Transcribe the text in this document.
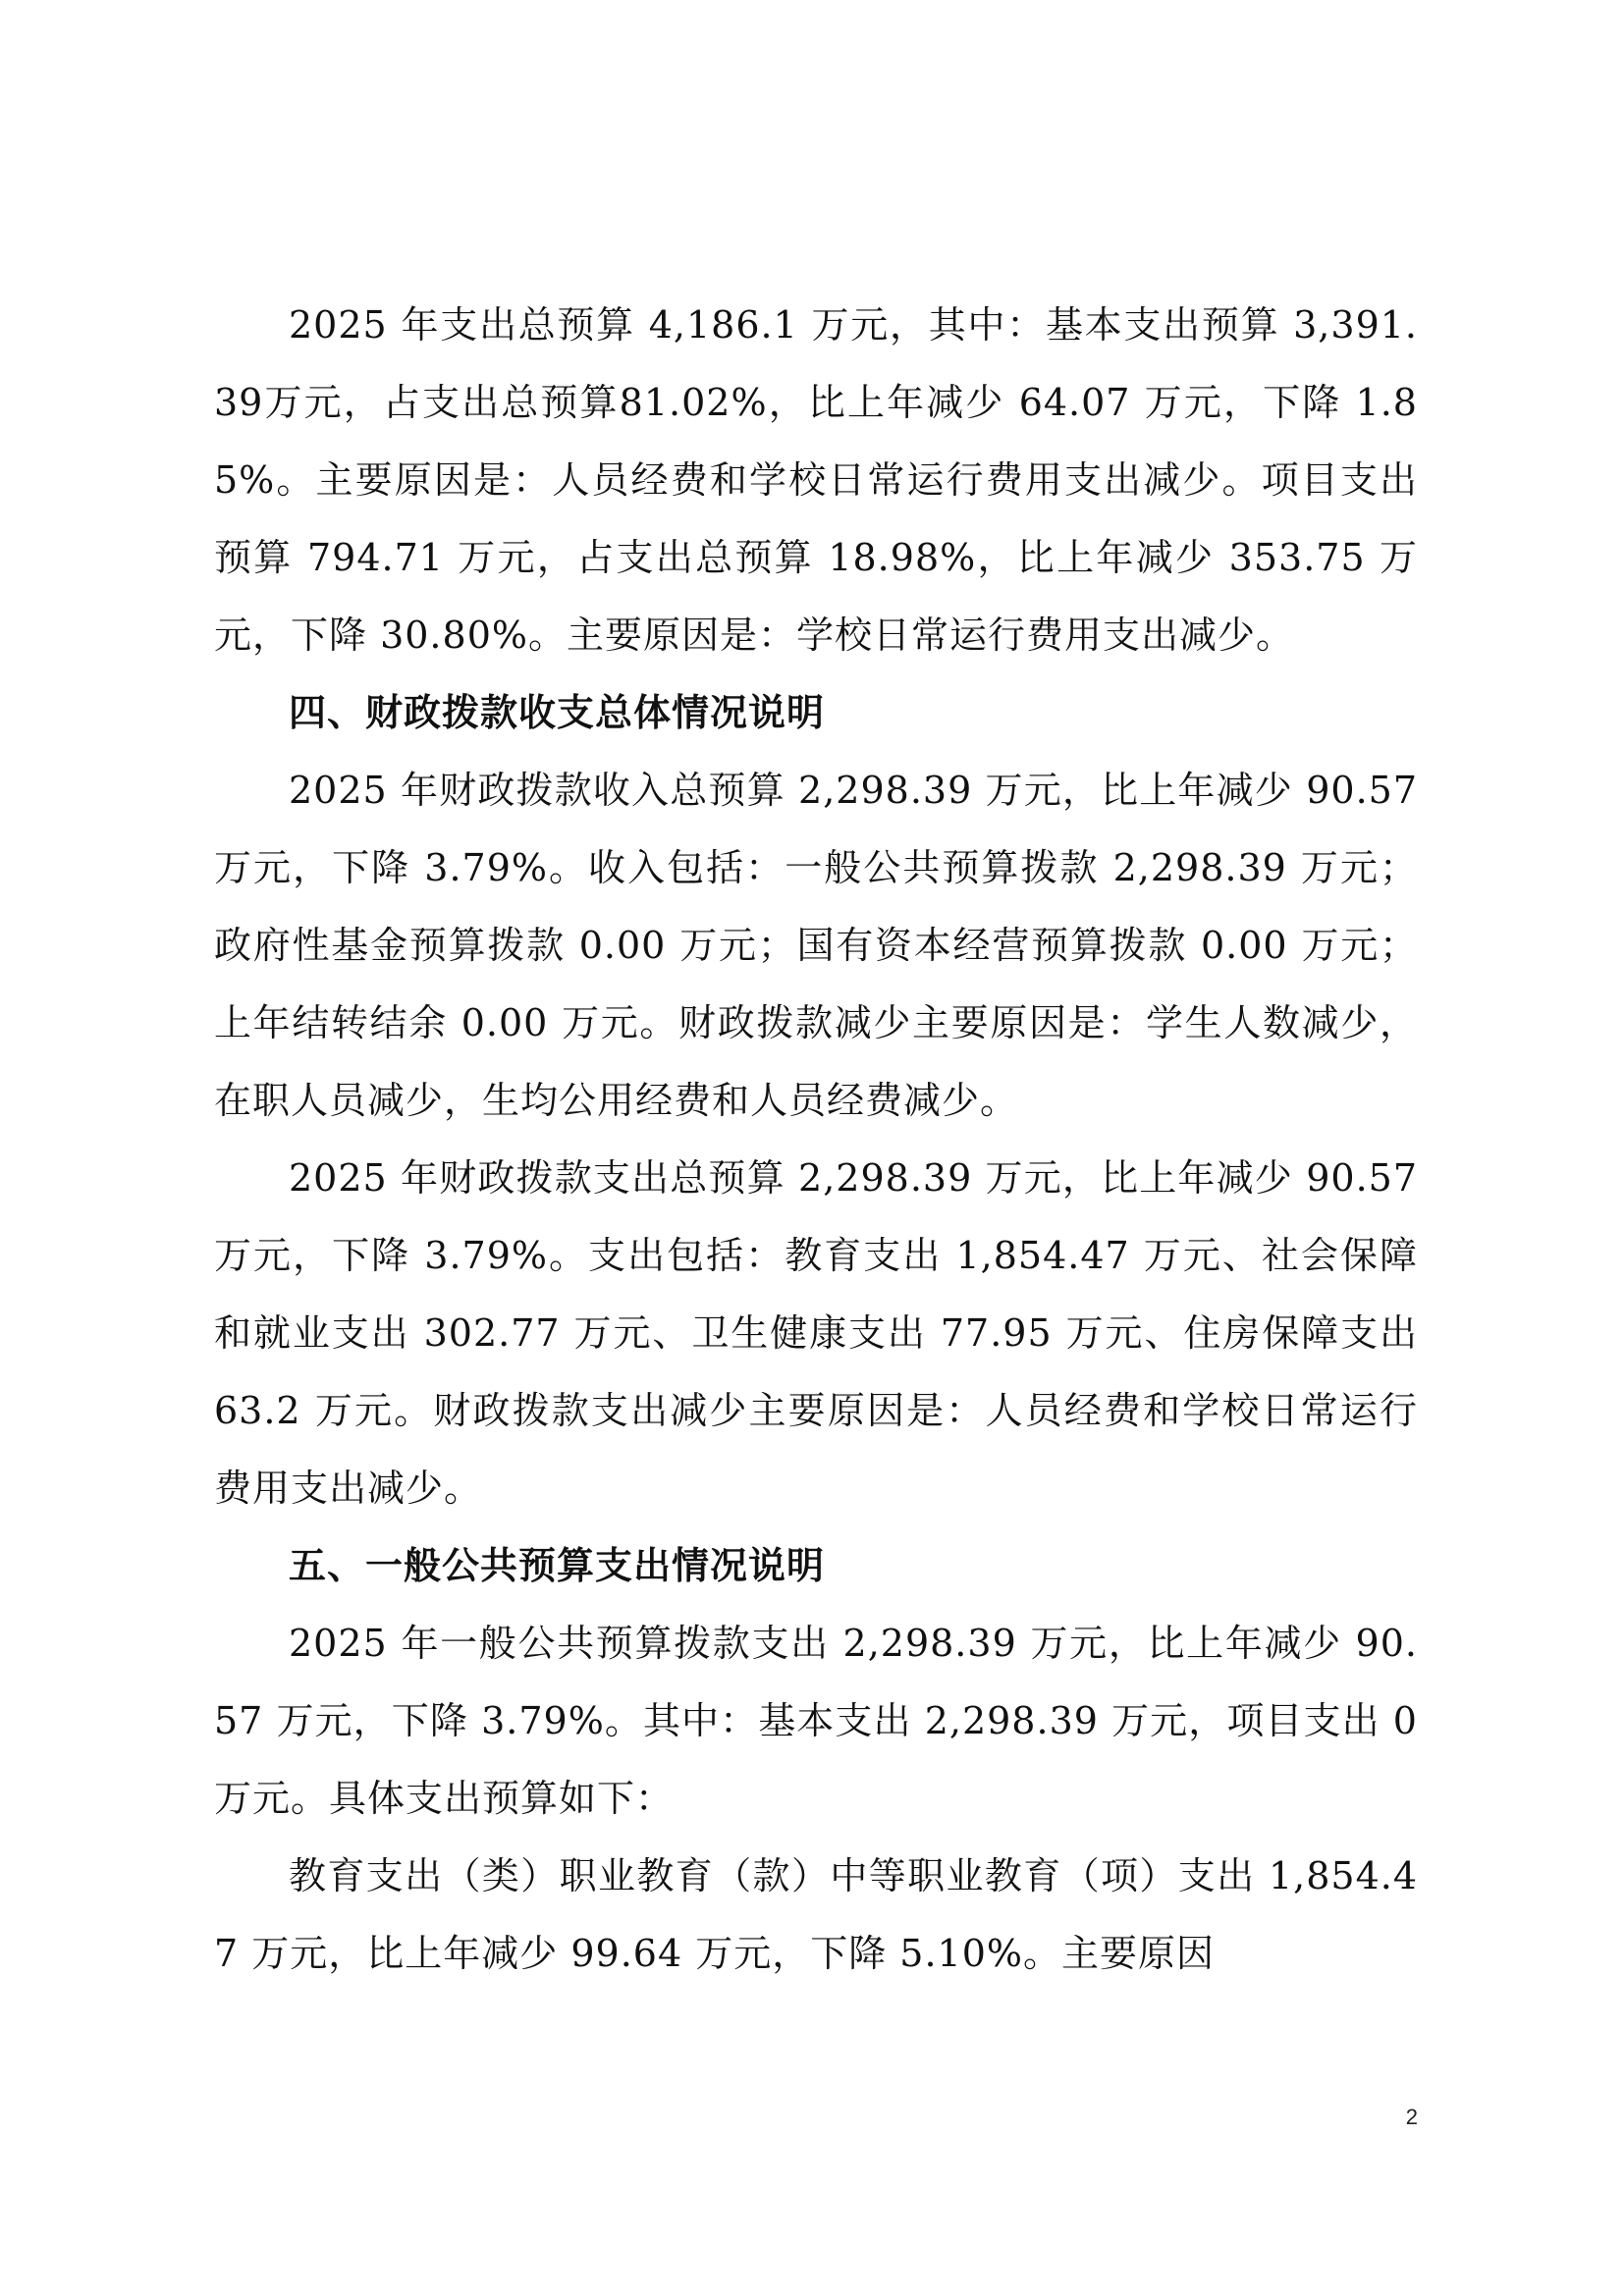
2025 年支出总预算 4,186.1 万元，其中：基本支出预算 3,391.39万元，占支出总预算81.02%，比上年减少 64.07 万元，下降 1.85%。主要原因是：人员经费和学校日常运行费用支出减少。项目支出预算 794.71 万元，占支出总预算 18.98%，比上年减少 353.75 万元，下降 30.80%。主要原因是：学校日常运行费用支出减少。

四、财政拨款收支总体情况说明

2025 年财政拨款收入总预算 2,298.39 万元，比上年减少 90.57 万元，下降 3.79%。收入包括：一般公共预算拨款 2,298.39 万元；政府性基金预算拨款 0.00 万元；国有资本经营预算拨款 0.00 万元；上年结转结余 0.00 万元。财政拨款减少主要原因是：学生人数减少，在职人员减少，生均公用经费和人员经费减少。

2025 年财政拨款支出总预算 2,298.39 万元，比上年减少 90.57 万元，下降 3.79%。支出包括：教育支出 1,854.47 万元、社会保障和就业支出 302.77 万元、卫生健康支出 77.95 万元、住房保障支出 63.2 万元。财政拨款支出减少主要原因是：人员经费和学校日常运行费用支出减少。

五、一般公共预算支出情况说明

2025 年一般公共预算拨款支出 2,298.39 万元，比上年减少 90.57 万元，下降 3.79%。其中：基本支出 2,298.39 万元，项目支出 0 万元。具体支出预算如下：

教育支出（类）职业教育（款）中等职业教育（项）支出 1,854.47 万元，比上年减少 99.64 万元，下降 5.10%。主要原因

2
